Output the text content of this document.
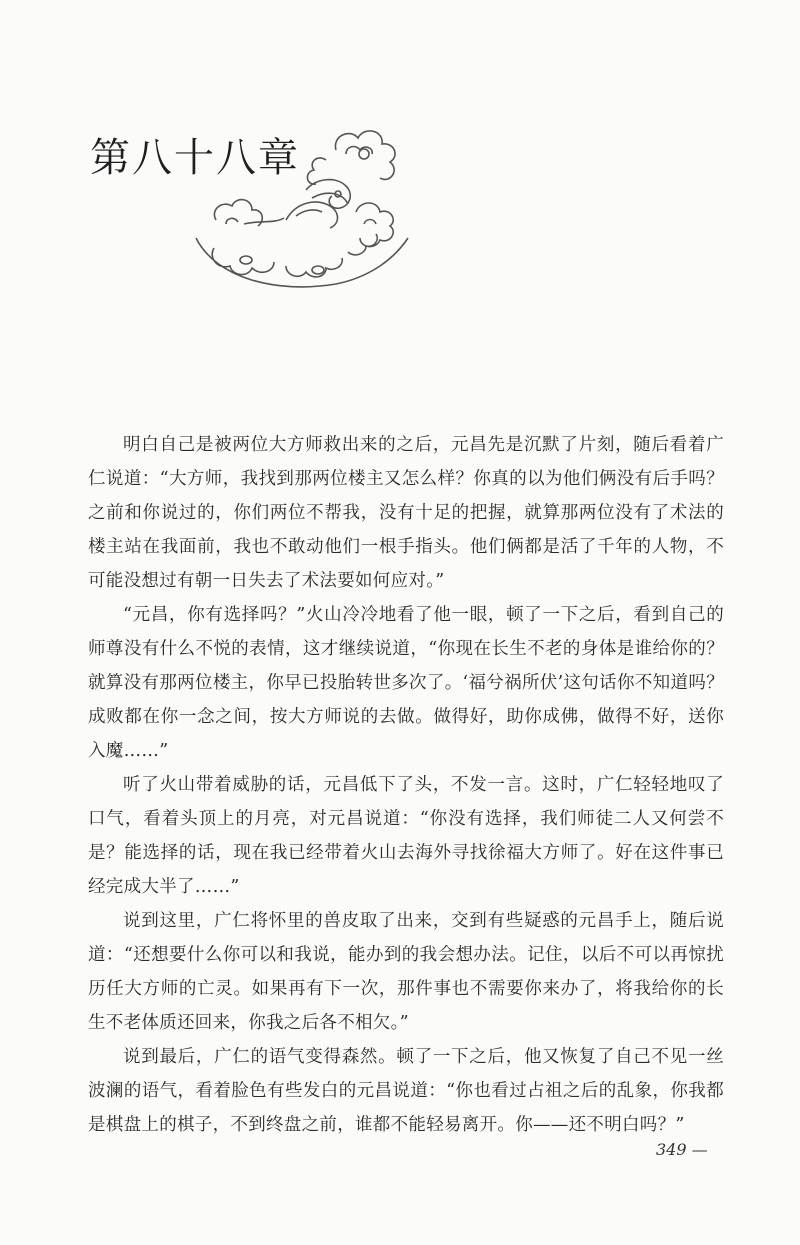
第八十八章

明白自己是被两位大方师救出来的之后，元昌先是沉默了片刻，随后看着广仁说道：“大方师，我找到那两位楼主又怎么样？你真的以为他们俩没有后手吗？之前和你说过的，你们两位不帮我，没有十足的把握，就算那两位没有了术法的楼主站在我面前，我也不敢动他们一根手指头。他们俩都是活了千年的人物，不可能没想过有朝一日失去了术法要如何应对。”

“元昌，你有选择吗？”火山冷冷地看了他一眼，顿了一下之后，看到自己的师尊没有什么不悦的表情，这才继续说道，“你现在长生不老的身体是谁给你的？就算没有那两位楼主，你早已投胎转世多次了。‘福兮祸所伏’这句话你不知道吗？成败都在你一念之间，按大方师说的去做。做得好，助你成佛，做得不好，送你入魔……”

听了火山带着威胁的话，元昌低下了头，不发一言。这时，广仁轻轻地叹了口气，看着头顶上的月亮，对元昌说道：“你没有选择，我们师徒二人又何尝不是？能选择的话，现在我已经带着火山去海外寻找徐福大方师了。好在这件事已经完成大半了……”

说到这里，广仁将怀里的兽皮取了出来，交到有些疑惑的元昌手上，随后说道：“还想要什么你可以和我说，能办到的我会想办法。记住，以后不可以再惊扰历任大方师的亡灵。如果再有下一次，那件事也不需要你来办了，将我给你的长生不老体质还回来，你我之后各不相欠。”

说到最后，广仁的语气变得森然。顿了一下之后，他又恢复了自己不见一丝波澜的语气，看着脸色有些发白的元昌说道：“你也看过占祖之后的乱象，你我都是棋盘上的棋子，不到终盘之前，谁都不能轻易离开。你——还不明白吗？”

349 —
